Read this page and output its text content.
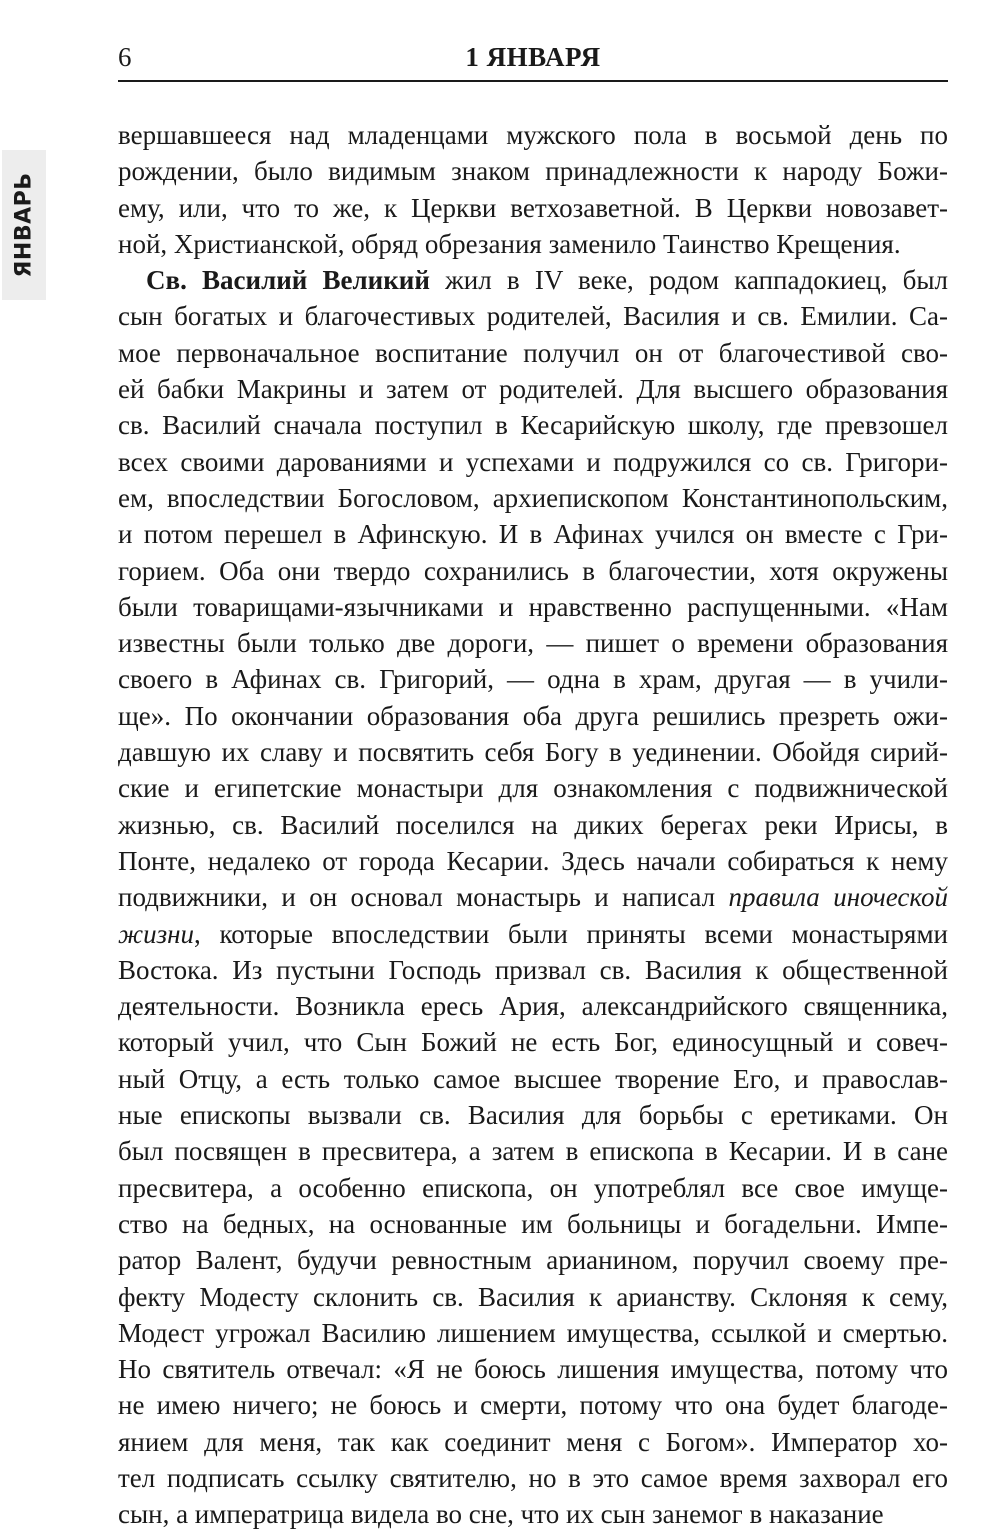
6	1 ЯНВАРЯ
ЯНВАРЬ
вершавшееся над младенцами мужского пола в восьмой день по
рождении, было видимым знаком принадлежности к народу Божи-
ему, или, что то же, к Церкви ветхозаветной. В Церкви новозавет-
ной, Христианской, обряд обрезания заменило Таинство Крещения.
Св. Василий Великий жил в IV веке, родом каппадокиец, был
сын богатых и благочестивых родителей, Василия и св. Емилии. Са-
мое первоначальное воспитание получил он от благочестивой сво-
ей бабки Макрины и затем от родителей. Для высшего образования
св. Василий сначала поступил в Кесарийскую школу, где превзошел
всех своими дарованиями и успехами и подружился со св. Григори-
ем, впоследствии Богословом, архиепископом Константинопольским,
и потом перешел в Афинскую. И в Афинах учился он вместе с Гри-
горием. Оба они твердо сохранились в благочестии, хотя окружены
были товарищами-язычниками и нравственно распущенными. «Нам
известны были только две дороги, — пишет о времени образования
своего в Афинах св. Григорий, — одна в храм, другая — в учили-
ще». По окончании образования оба друга решились презреть ожи-
давшую их славу и посвятить себя Богу в уединении. Обойдя сирий-
ские и египетские монастыри для ознакомления с подвижнической
жизнью, св. Василий поселился на диких берегах реки Ирисы, в
Понте, недалеко от города Кесарии. Здесь начали собираться к нему
подвижники, и он основал монастырь и написал правила иноческой
жизни, которые впоследствии были приняты всеми монастырями
Востока. Из пустыни Господь призвал св. Василия к общественной
деятельности. Возникла ересь Ария, александрийского священника,
который учил, что Сын Божий не есть Бог, единосущный и совеч-
ный Отцу, а есть только самое высшее творение Его, и православ-
ные епископы вызвали св. Василия для борьбы с еретиками. Он
был посвящен в пресвитера, а затем в епископа в Кесарии. И в сане
пресвитера, а особенно епископа, он употреблял все свое имуще-
ство на бедных, на основанные им больницы и богадельни. Импе-
ратор Валент, будучи ревностным арианином, поручил своему пре-
фекту Модесту склонить св. Василия к арианству. Склоняя к сему,
Модест угрожал Василию лишением имущества, ссылкой и смертью.
Но святитель отвечал: «Я не боюсь лишения имущества, потому что
не имею ничего; не боюсь и смерти, потому что она будет благоде-
янием для меня, так как соединит меня с Богом». Император хо-
тел подписать ссылку святителю, но в это самое время захворал его
сын, а императрица видела во сне, что их сын занемог в наказание
